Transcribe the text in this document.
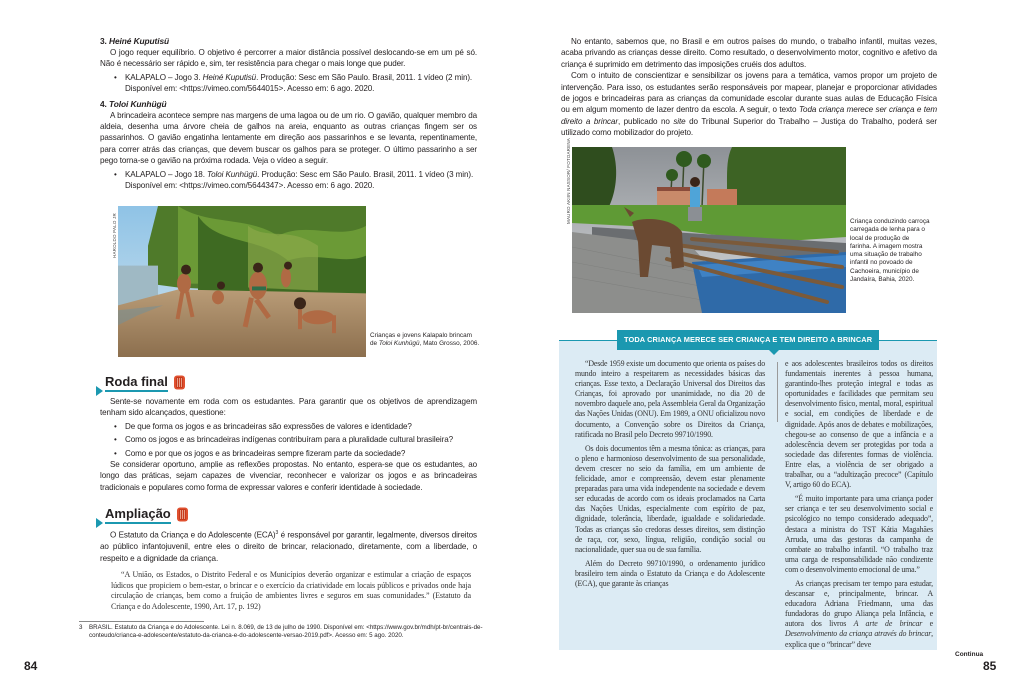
3. Heiné Kuputisü

O jogo requer equilíbrio. O objetivo é percorrer a maior distância possível deslocando-se em um pé só. Não é necessário ser rápido e, sim, ter resistência para chegar o mais longe que puder.

• KALAPALO – Jogo 3. Heiné Kuputisü. Produção: Sesc em São Paulo. Brasil, 2011. 1 vídeo (2 min). Disponível em: <https://vimeo.com/5644015>. Acesso em: 6 ago. 2020.

4. Toloi Kunhügü

A brincadeira acontece sempre nas margens de uma lagoa ou de um rio. O gavião, qualquer membro da aldeia, desenha uma árvore cheia de galhos na areia, enquanto as outras crianças fingem ser os passarinhos. O gavião engatinha lentamente em direção aos passarinhos e se levanta, repentinamente, para correr atrás das crianças, que devem buscar os galhos para se proteger. O último passarinho a ser pego torna-se o gavião na próxima rodada. Veja o vídeo a seguir.

• KALAPALO – Jogo 18. Toloi Kunhügü. Produção: Sesc em São Paulo. Brasil, 2011. 1 vídeo (3 min). Disponível em: <https://vimeo.com/5644347>. Acesso em: 6 ago. 2020.

HAROLDO PALO JR
Crianças e jovens Kalapalo brincam de Toloi Kunhügü, Mato Grosso, 2006.
Roda final

Sente-se novamente em roda com os estudantes. Para garantir que os objetivos de aprendizagem tenham sido alcançados, questione:

• De que forma os jogos e as brincadeiras são expressões de valores e identidade?
• Como os jogos e as brincadeiras indígenas contribuíram para a pluralidade cultural brasileira?
• Como e por que os jogos e as brincadeiras sempre fizeram parte da sociedade?

Se considerar oportuno, amplie as reflexões propostas. No entanto, espera-se que os estudantes, ao longo das práticas, sejam capazes de vivenciar, reconhecer e valorizar os jogos e as brincadeiras tradicionais e populares como forma de expressar valores e conferir identidade à sociedade.

Ampliação

O Estatuto da Criança e do Adolescente (ECA)$^3$ é responsável por garantir, legalmente, diversos direitos ao público infantojuvenil, entre eles o direito de brincar, relacionado, diretamente, com a liberdade, o respeito e a dignidade da criança.

“A União, os Estados, o Distrito Federal e os Municípios deverão organizar e estimular a criação de espaços lúdicos que propiciem o bem-estar, o brincar e o exercício da criatividade em locais públicos e privados onde haja circulação de crianças, bem como a fruição de ambientes livres e seguros em suas comunidades.” (Estatuto da Criança e do Adolescente, 1990, Art. 17, p. 192)

3	BRASIL. Estatuto da Criança e do Adolescente. Lei n. 8.069, de 13 de julho de 1990. Disponível em: <https://www.gov.br/mdh/pt-br/centrais-de-conteudo/crianca-e-adolescente/estatuto-da-crianca-e-do-adolescente-versao-2019.pdf>. Acesso em: 5 ago. 2020.
84

No entanto, sabemos que, no Brasil e em outros países do mundo, o trabalho infantil, muitas vezes, acaba privando as crianças desse direito. Como resultado, o desenvolvimento motor, cognitivo e afetivo da criança é suprimido em detrimento das imposições cruéis dos adultos.

Com o intuito de conscientizar e sensibilizar os jovens para a temática, vamos propor um projeto de intervenção. Para isso, os estudantes serão responsáveis por mapear, planejar e proporcionar atividades de jogos e brincadeiras para as crianças da comunidade escolar durante suas aulas de Educação Física ou em algum momento de lazer dentro da escola. A seguir, o texto Toda criança merece ser criança e tem direito a brincar, publicado no site do Tribunal Superior do Trabalho – Justiça do Trabalho, poderá ser utilizado como mobilizador do projeto.

MAURO AKIIN NASSOR/ FOTOARENA	Criança conduzindo carroça carregada de lenha para o local de produção de farinha. A imagem mostra uma situação de trabalho infantil no povoado de Cachoeira, município de Jandaíra, Bahia, 2020.
TODA CRIANÇA MERECE SER CRIANÇA E TEM DIREITO A BRINCAR

“Desde 1959 existe um documento que orienta os países do mundo inteiro a respeitarem as necessidades básicas das crianças. Esse texto, a Declaração Universal dos Direitos das Crianças, foi aprovado por unanimidade, no dia 20 de novembro daquele ano, pela Assembleia Geral da Organização das Nações Unidas (ONU). Em 1989, a ONU oficializou novo documento, a Convenção sobre os Direitos da Criança, ratificada no Brasil pelo Decreto 99710/1990.

Os dois documentos têm a mesma tônica: as crianças, para o pleno e harmonioso desenvolvimento de sua personalidade, devem crescer no seio da família, em um ambiente de felicidade, amor e compreensão, devem estar plenamente preparadas para uma vida independente na sociedade e devem ser educadas de acordo com os ideais proclamados na Carta das Nações Unidas, especialmente com espírito de paz, dignidade, tolerância, liberdade, igualdade e solidariedade. Todas as crianças são credoras desses direitos, sem distinção de raça, cor, sexo, língua, religião, condição social ou nacionalidade, quer sua ou de sua família.

Além do Decreto 99710/1990, o ordenamento jurídico brasileiro tem ainda o Estatuto da Criança e do Adolescente (ECA), que garante às crianças

e aos adolescentes brasileiros todos os direitos fundamentais inerentes à pessoa humana, garantindo-lhes proteção integral e todas as oportunidades e facilidades que permitam seu desenvolvimento físico, mental, moral, espiritual e social, em condições de liberdade e de dignidade. Após anos de debates e mobilizações, chegou-se ao consenso de que a infância e a adolescência devem ser protegidas por toda a sociedade das diferentes formas de violência. Entre elas, a violência de ser obrigado a trabalhar, ou a “adultização precoce” (Capítulo V, artigo 60 do ECA).

“É muito importante para uma criança poder ser criança e ter seu desenvolvimento social e psicológico no tempo considerado adequado”, destaca a ministra do TST Kátia Magahães Arruda, uma das gestoras da campanha de combate ao trabalho infantil. “O trabalho traz uma carga de responsabilidade não condizente com o desenvolvimento emocional de uma.”

As crianças precisam ter tempo para estudar, descansar e, principalmente, brincar. A educadora Adriana Friedmann, uma das fundadoras do grupo Aliança pela Infância, e autora dos livros A arte de brincar e Desenvolvimento da criança através do brincar, explica que o “brincar” deve

Continua
85
